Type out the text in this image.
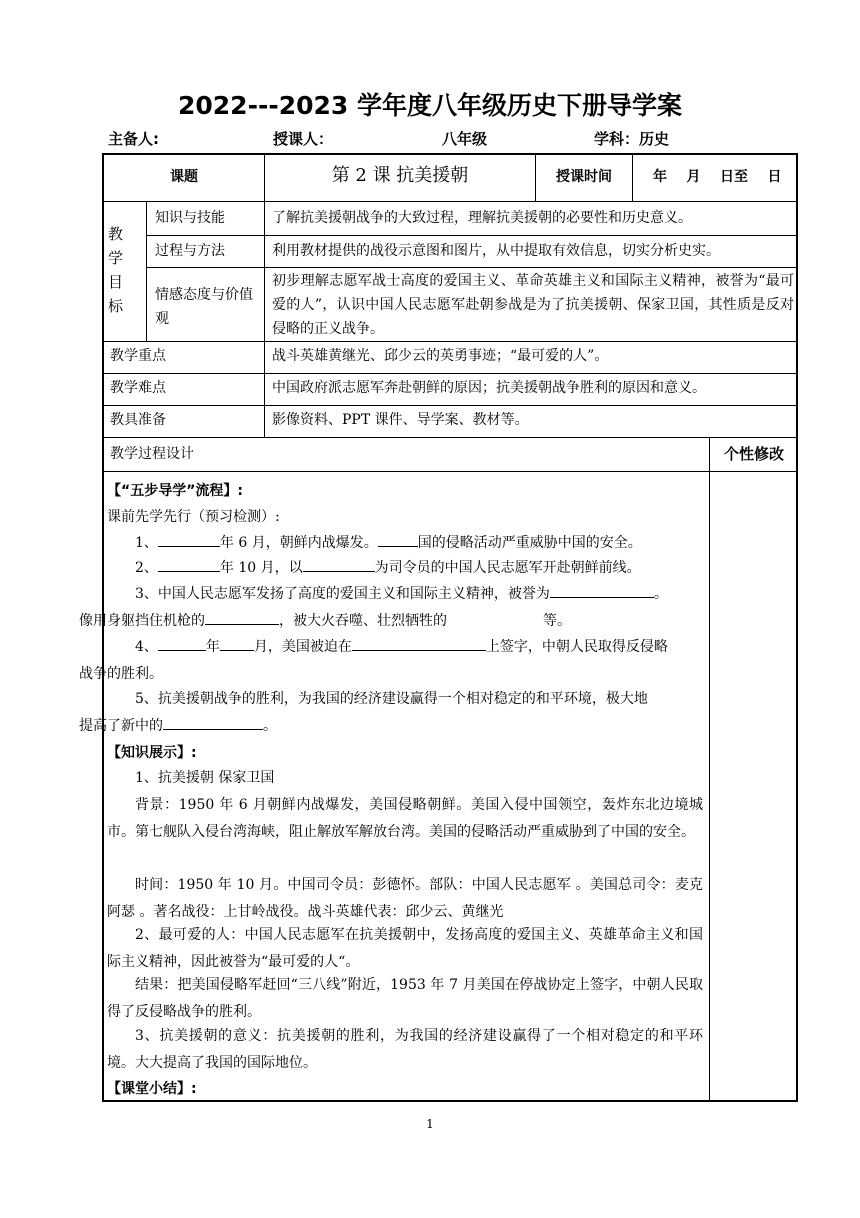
2022---2023 学年度八年级历史下册导学案
主备人:	授课人：	八年级	学科：历史
课题	第 2 课 抗美援朝	授课时间	年    月    日至    日
教学目标
知识与技能	了解抗美援朝战争的大致过程，理解抗美援朝的必要性和历史意义。
过程与方法	利用教材提供的战役示意图和图片，从中提取有效信息，切实分析史实。
情感态度与价值观
初步理解志愿军战士高度的爱国主义、革命英雄主义和国际主义精神，被誉为“最可爱的人”，认识中国人民志愿军赴朝参战是为了抗美援朝、保家卫国，其性质是反对侵略的正义战争。
教学重点	战斗英雄黄继光、邱少云的英勇事迹；“最可爱的人”。
教学难点	中国政府派志愿军奔赴朝鲜的原因；抗美援朝战争胜利的原因和意义。
教具准备	影像资料、PPT 课件、导学案、教材等。
教学过程设计	个性修改
【“五步导学”流程】:
课前先学先行（预习检测）:
1、	年 6 月，朝鲜内战爆发。	国的侵略活动严重威胁中国的安全。
2、	年 10 月，以	为司令员的中国人民志愿军开赴朝鲜前线。
3、中国人民志愿军发扬了高度的爱国主义和国际主义精神，被誉为	。
像用身躯挡住机枪的	，被大火吞噬、壮烈牺牲的	等。
4、	年 月，美国被迫在	上签字，中朝人民取得反侵略
战争的胜利。
5、抗美援朝战争的胜利，为我国的经济建设赢得一个相对稳定的和平环境，极大地
提高了新中的	。
【知识展示】:
1、抗美援朝 保家卫国
背景：1950 年 6 月朝鲜内战爆发，美国侵略朝鲜。美国入侵中国领空，轰炸东北边境城市。第七舰队入侵台湾海峡，阻止解放军解放台湾。美国的侵略活动严重威胁到了中国的安全。
时间：1950 年 10 月。中国司令员：彭德怀。部队：中国人民志愿军 。美国总司令：麦克阿瑟 。著名战役：上甘岭战役。战斗英雄代表：邱少云、黄继光
2、最可爱的人：中国人民志愿军在抗美援朝中，发扬高度的爱国主义、英雄革命主义和国际主义精神，因此被誉为“最可爱的人“。
结果：把美国侵略军赶回“三八线”附近，1953 年 7 月美国在停战协定上签字，中朝人民取得了反侵略战争的胜利。
3、抗美援朝的意义：抗美援朝的胜利，为我国的经济建设赢得了一个相对稳定的和平环境。大大提高了我国的国际地位。
【课堂小结】:
1
